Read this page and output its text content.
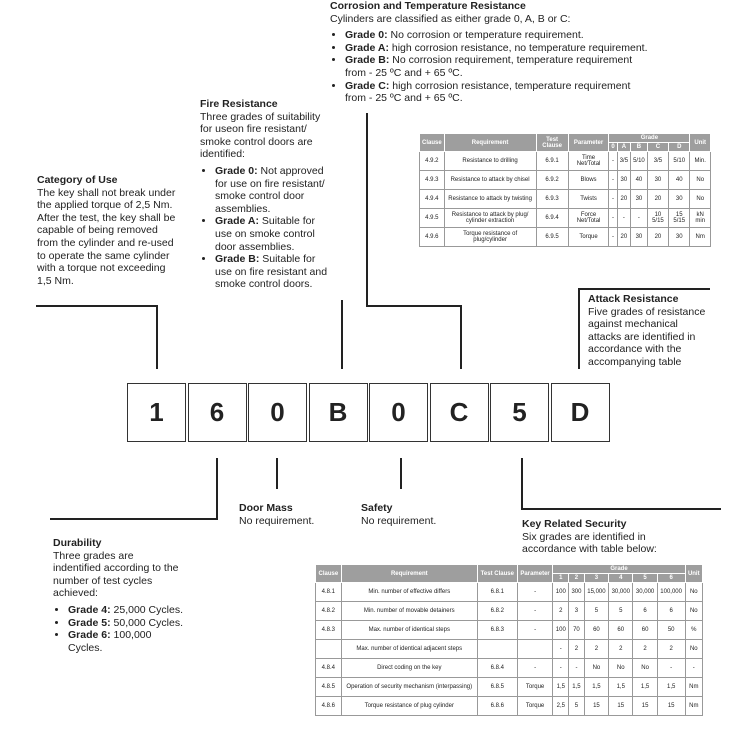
Corrosion and Temperature Resistance

Cylinders are classified as either grade 0, A, B or C:

• Grade 0: No corrosion or temperature requirement.
• Grade A: high corrosion resistance, no temperature requirement.
• Grade B: No corrosion requirement, temperature requirement from - 25 ºC and + 65 ºC.
• Grade C: high corrosion resistance, temperature requirement from - 25 ºC and + 65 ºC.
Fire Resistance

Three grades of suitability for useon fire resistant/ smoke control doors are identified:

• Grade 0: Not approved for use on fire resistant/ smoke control door assemblies.
• Grade A: Suitable for use on smoke control door assemblies.
• Grade B: Suitable for use on fire resistant and smoke control doors.
Category of Use

The key shall not break under the applied torque of 2,5 Nm. After the test, the key shall be capable of being removed from the cylinder and re-used to operate the same cylinder with a torque not exceeding 1,5 Nm.

Attack Resistance

Five grades of resistance against mechanical attacks are identified in accordance with the accompanying table

Clause	Requirement	Test Clause	Parameter	Grade					Unit
				0	A	B	C	D	
4.9.2	Resistance to drilling	6.9.1	Time Net/Total	-	3/5	5/10	3/5	5/10	Min.
4.9.3	Resistance to attack by chisel	6.9.2	Blows	-	30	40	30	40	No
4.9.4	Resistance to attack by twisting	6.9.3	Twists	-	20	30	20	30	No
4.9.5	Resistance to attack by plug/ cylinder extraction	6.9.4	Force Net/Total	-	-	-	10 5/15	15 5/15	kN min
4.9.6	Torque resistance of plug/cylinder	6.9.5	Torque	-	20	30	20	30	Nm
1	6	0	B	0	C	5	D
Door Mass

No requirement.

Safety

No requirement.	Key Related Security

Six grades are identified in accordance with table below:

Durability

Three grades are indentified according to the number of test cycles achieved:

• Grade 4: 25,000 Cycles.
• Grade 5: 50,000 Cycles.
• Grade 6: 100,000 Cycles.
Clause	Requirement	Test Clause	Parameter	Grade						Unit
				1	2	3	4	5	6	
4.8.1	Min. number of effective differs	6.8.1	-	100	300	15,000	30,000	30,000	100,000	No
4.8.2	Min. number of movable detainers	6.8.2	-	2	3	5	5	6	6	No
4.8.3	Max. number of identical steps	6.8.3	-	100	70	60	60	60	50	%
	Max. number of identical adjacent steps			-	2	2	2	2	2	No
4.8.4	Direct coding on the key	6.8.4	-	-	-	No	No	No	-	-
4.8.5	Operation of security mechanism (interpassing)	6.8.5	Torque	1,5	1,5	1,5	1,5	1,5	1,5	Nm
4.8.6	Torque resistance of plug cylinder	6.8.6	Torque	2,5	5	15	15	15	15	Nm
